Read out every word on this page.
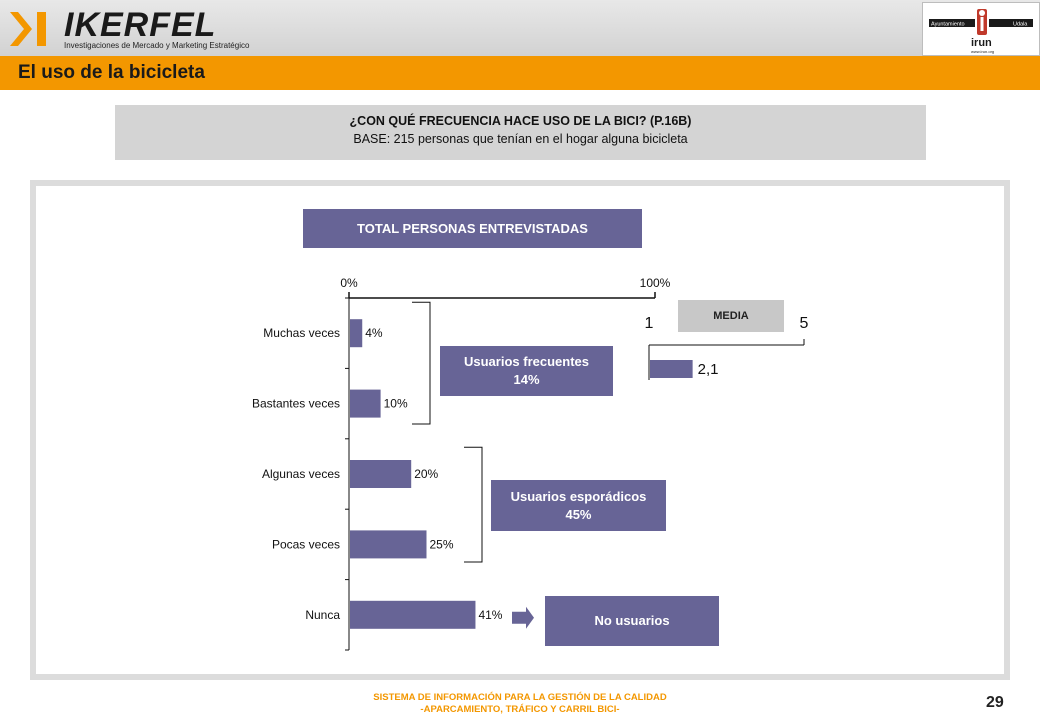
IKERFEL
Investigaciones de Mercado y Marketing Estratégico
Ayuntamiento	Udala
irun
www.irun.org
El uso de la bicicleta
¿CON QUÉ FRECUENCIA HACE USO DE LA BICI? (P.16B)
BASE: 215 personas que tenían en el hogar alguna bicicleta
TOTAL PERSONAS ENTREVISTADAS
MEDIA
0%	100%
Muchas veces 4%
Bastantes veces	10%
Algunas veces	20%
Pocas veces	25%
Nunca	41%
1	5
2,1
Usuarios frecuentes
14%
Usuarios esporádicos
45%
No usuarios
SISTEMA DE INFORMACIÓN PARA LA GESTIÓN DE LA CALIDAD
-APARCAMIENTO, TRÁFICO Y CARRIL BICI-	29
